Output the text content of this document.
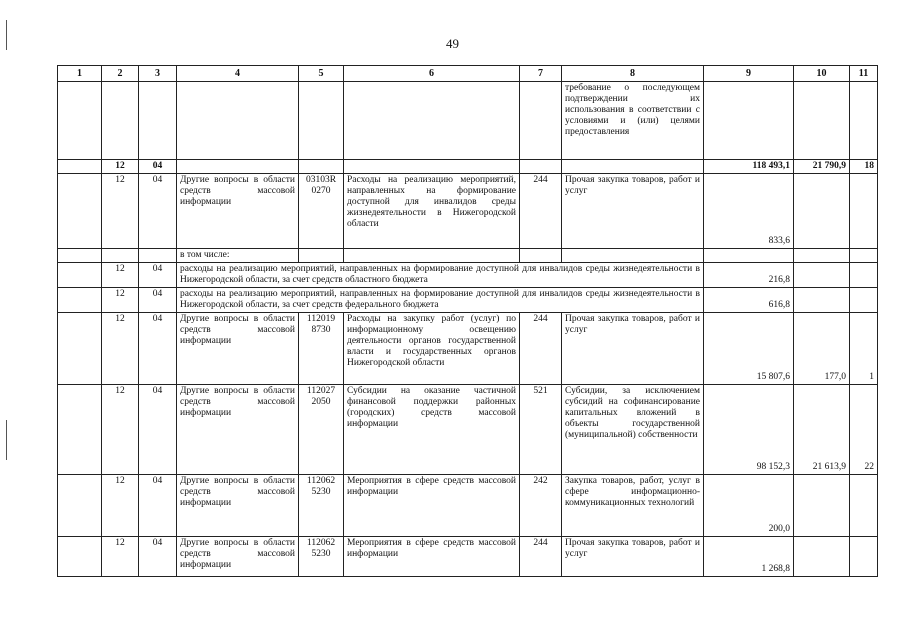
49
1	2	3	4	5	6	7	8	9	10	11
							требование о последующем подтверждении их использования в соответствии с условиями и (или) целями предоставления			
	12	04						118 493,1	21 790,9	18
	12	04	Другие вопросы в области средств массовой информации	03103R 0270	Расходы на реализацию мероприятий, направленных на формирование доступной для инвалидов среды жизнедеятельности в Нижегородской области	244	Прочая закупка товаров, работ и услуг	833,6		
			в том числе:							
	12	04	расходы на реализацию мероприятий, направленных на формирование доступной для инвалидов среды жизнедеятельности в Нижегородской области, за счет средств областного бюджета					216,8		
	12	04	расходы на реализацию мероприятий, направленных на формирование доступной для инвалидов среды жизнедеятельности в Нижегородской области, за счет средств федерального бюджета					616,8		
	12	04	Другие вопросы в области средств массовой информации	112019 8730	Расходы на закупку работ (услуг) по информационному освещению деятельности органов государственной власти и государственных органов Нижегородской области	244	Прочая закупка товаров, работ и услуг	15 807,6	177,0	1
	12	04	Другие вопросы в области средств массовой информации	112027 2050	Субсидии на оказание частичной финансовой поддержки районных (городских) средств массовой информации	521	Субсидии, за исключением субсидий на софинансирование капитальных вложений в объекты государственной (муниципальной) собственности	98 152,3	21 613,9	22
	12	04	Другие вопросы в области средств массовой информации	112062 5230	Мероприятия в сфере средств массовой информации	242	Закупка товаров, работ, услуг в сфере информационно-коммуникационных технологий	200,0		
	12	04	Другие вопросы в области средств массовой информации	112062 5230	Мероприятия в сфере средств массовой информации	244	Прочая закупка товаров, работ и услуг	1 268,8		
